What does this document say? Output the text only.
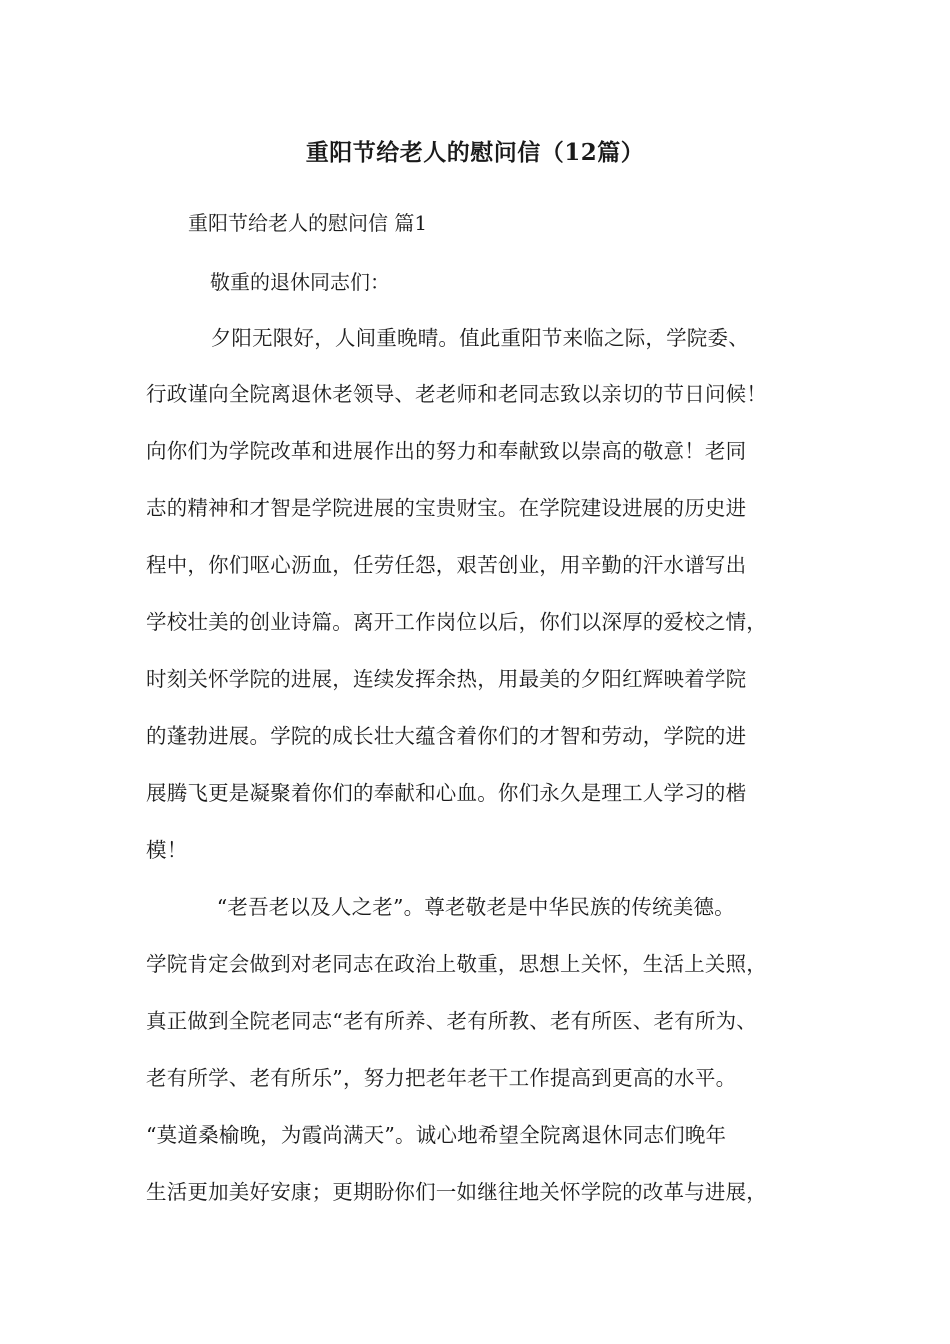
重阳节给老人的慰问信（12篇）
重阳节给老人的慰问信 篇1
敬重的退休同志们：
　夕阳无限好，人间重晚晴。值此重阳节来临之际，学院委、
行政谨向全院离退休老领导、老老师和老同志致以亲切的节日问候！
向你们为学院改革和进展作出的努力和奉献致以崇高的敬意！老同
志的精神和才智是学院进展的宝贵财宝。在学院建设进展的历史进
程中，你们呕心沥血，任劳任怨，艰苦创业，用辛勤的汗水谱写出
学校壮美的创业诗篇。离开工作岗位以后，你们以深厚的爱校之情，
时刻关怀学院的进展，连续发挥余热，用最美的夕阳红辉映着学院
的蓬勃进展。学院的成长壮大蕴含着你们的才智和劳动，学院的进
展腾飞更是凝聚着你们的奉献和心血。你们永久是理工人学习的楷
模！
　“老吾老以及人之老”。尊老敬老是中华民族的传统美德。
学院肯定会做到对老同志在政治上敬重，思想上关怀，生活上关照，
真正做到全院老同志“老有所养、老有所教、老有所医、老有所为、
老有所学、老有所乐”，努力把老年老干工作提高到更高的水平。
“莫道桑榆晚，为霞尚满天”。诚心地希望全院离退休同志们晚年
生活更加美好安康；更期盼你们一如继往地关怀学院的改革与进展，
